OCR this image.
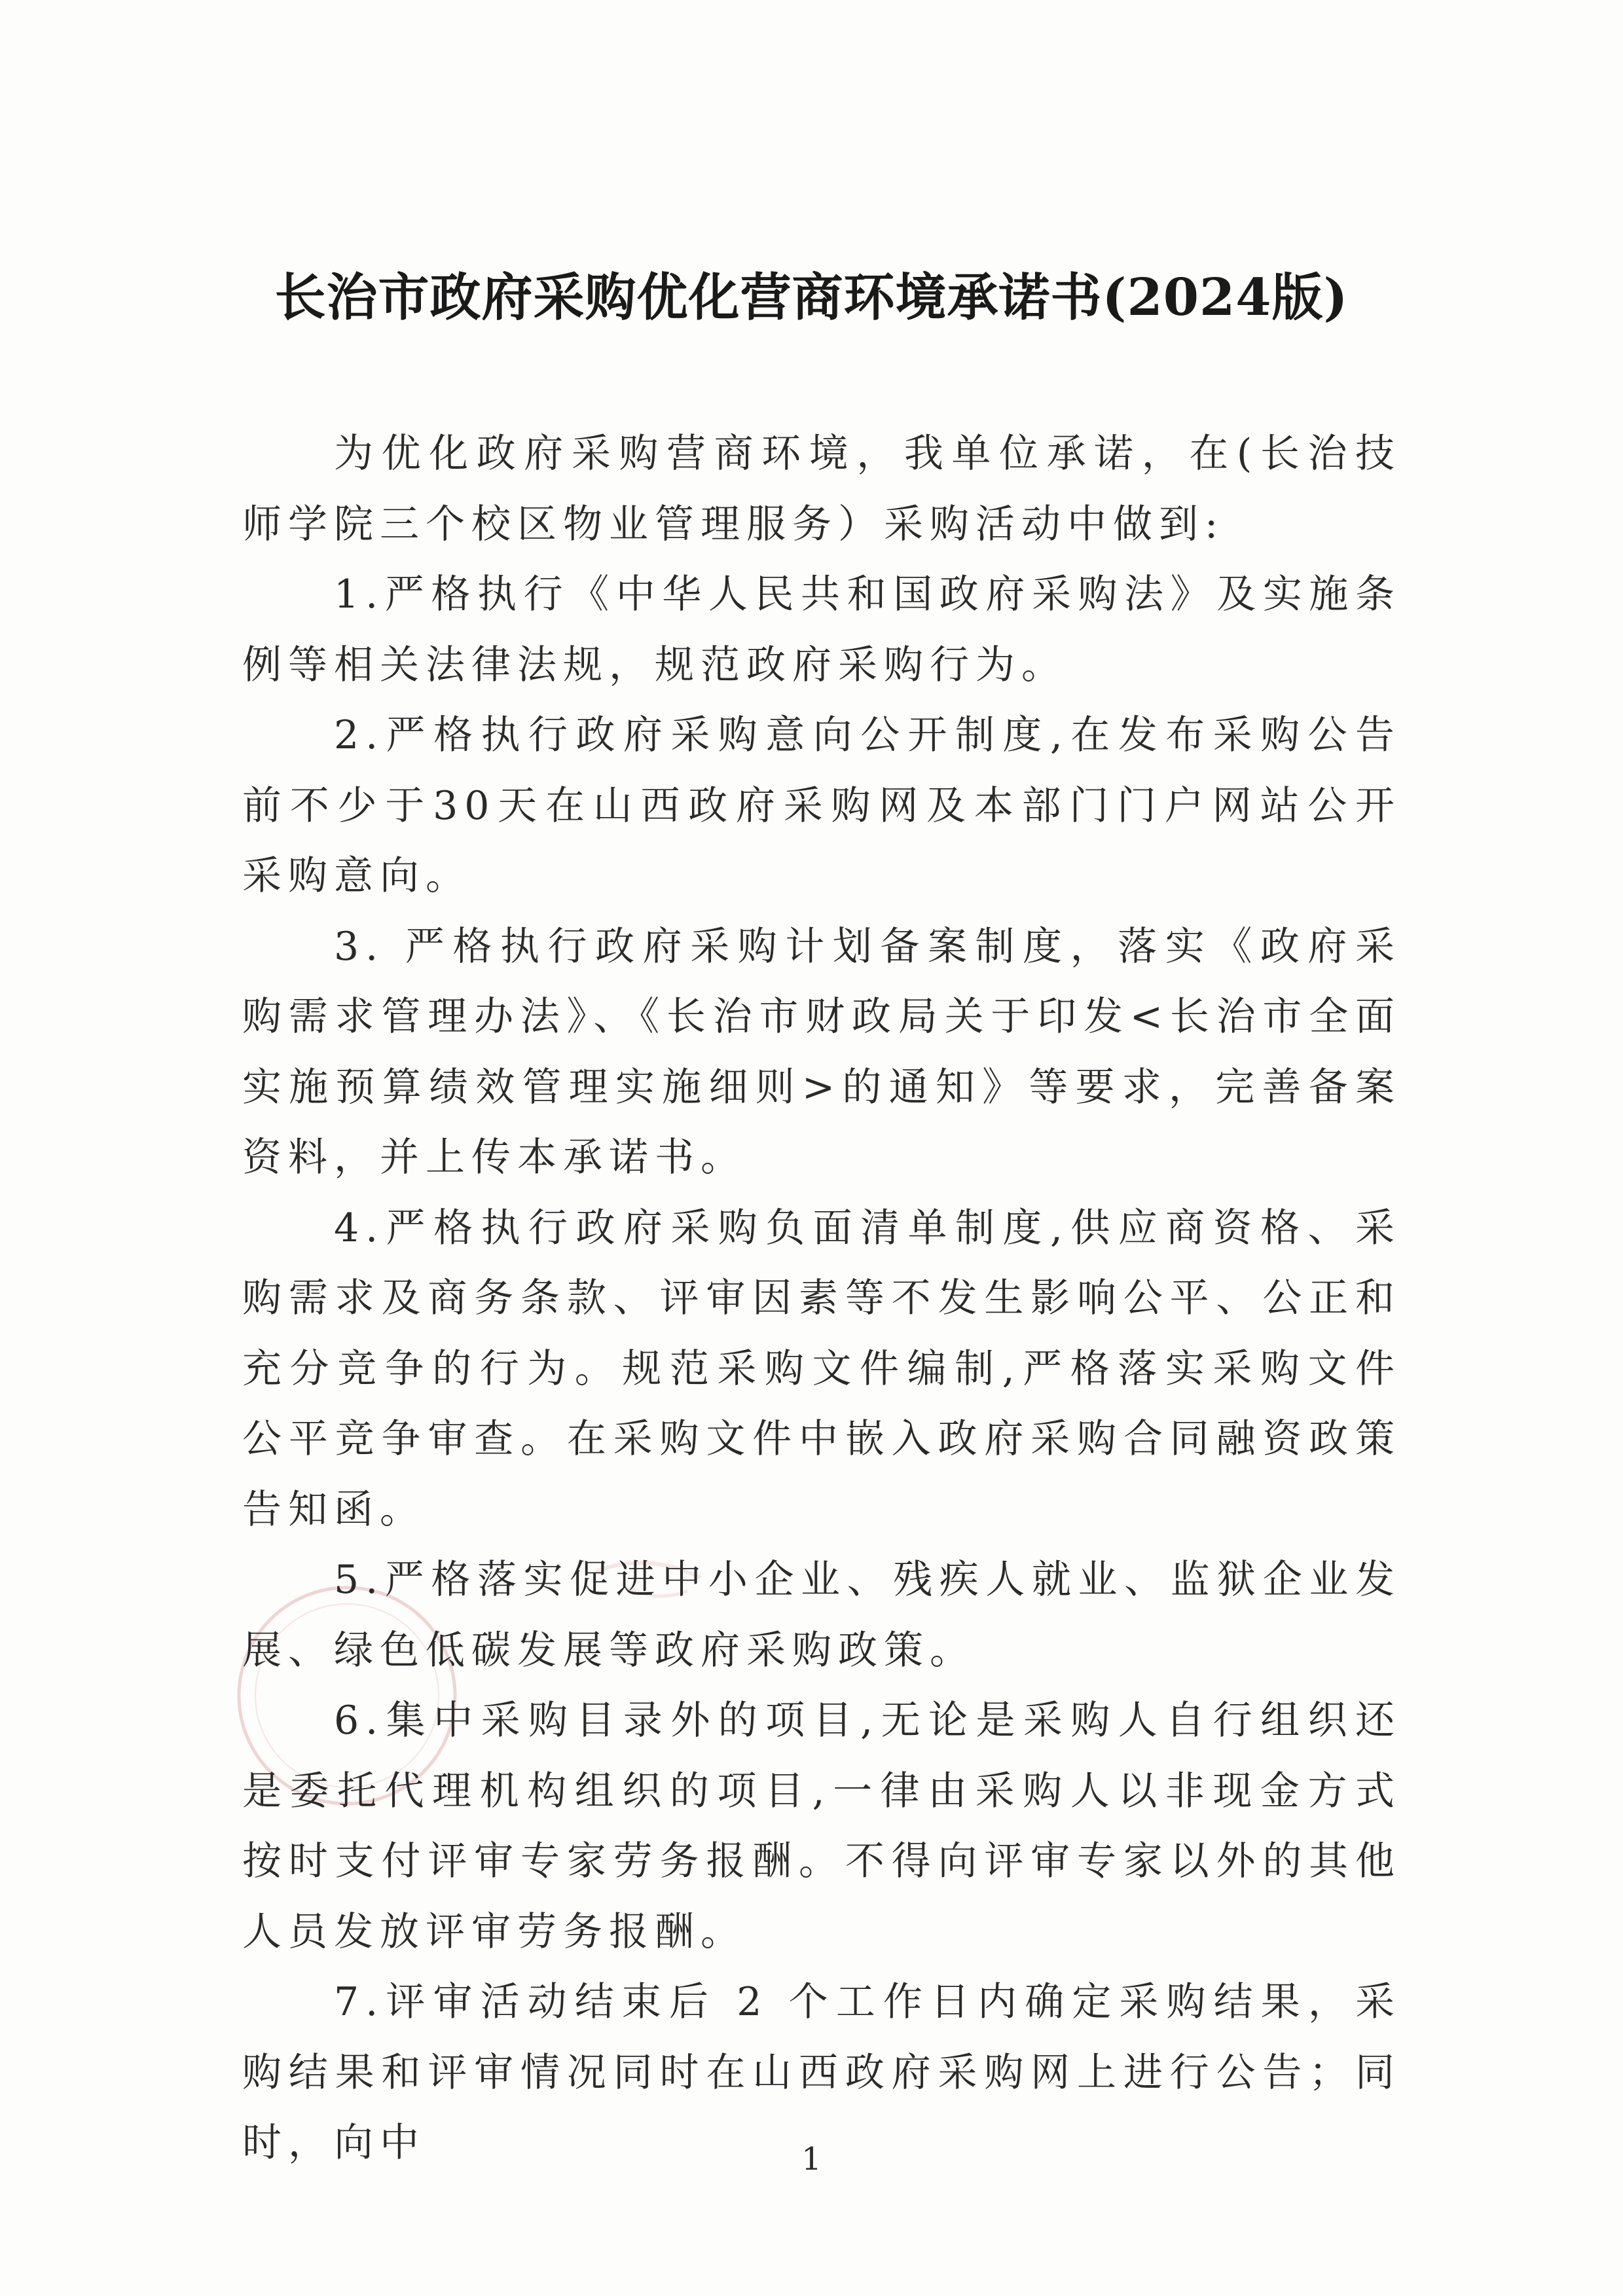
长治市政府采购优化营商环境承诺书(2024版)

为优化政府采购营商环境，我单位承诺，在(长治技师学院三个校区物业管理服务）采购活动中做到:

1.严格执行《中华人民共和国政府采购法》及实施条例等相关法律法规，规范政府采购行为。

2.严格执行政府采购意向公开制度,在发布采购公告前不少于30天在山西政府采购网及本部门门户网站公开采购意向。

3. 严格执行政府采购计划备案制度，落实《政府采购需求管理办法》、《长治市财政局关于印发<长治市全面实施预算绩效管理实施细则>的通知》等要求，完善备案资料，并上传本承诺书。

4.严格执行政府采购负面清单制度,供应商资格、采购需求及商务条款、评审因素等不发生影响公平、公正和充分竞争的行为。规范采购文件编制,严格落实采购文件公平竞争审查。在采购文件中嵌入政府采购合同融资政策告知函。

5.严格落实促进中小企业、残疾人就业、监狱企业发展、绿色低碳发展等政府采购政策。

6.集中采购目录外的项目,无论是采购人自行组织还是委托代理机构组织的项目,一律由采购人以非现金方式按时支付评审专家劳务报酬。不得向评审专家以外的其他人员发放评审劳务报酬。

7.评审活动结束后 2 个工作日内确定采购结果，采购结果和评审情况同时在山西政府采购网上进行公告；同时，向中	1
